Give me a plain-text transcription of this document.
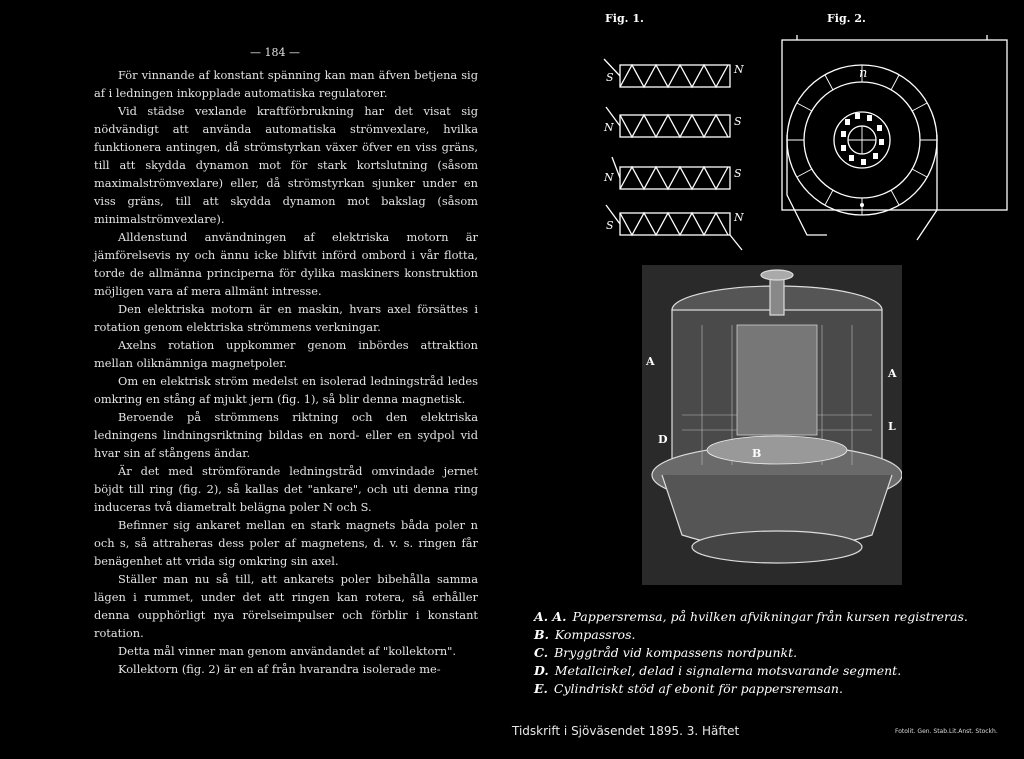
— 184 —

För vinnande af konstant spänning kan man äfven betjena sig af i ledningen inkopplade automatiska regulatorer.

Vid städse vexlande kraftförbrukning har det visat sig nödvändigt att använda automatiska strömvexlare, hvilka funktionera antingen, då strömstyrkan växer öfver en viss gräns, till att skydda dynamon mot för stark kortslutning (såsom maximalströmvexlare) eller, då strömstyrkan sjunker under en viss gräns, till att skydda dynamon mot bakslag (såsom minimalströmvexlare).

Alldenstund användningen af elektriska motorn är jämförelsevis ny och ännu icke blifvit införd ombord i vår flotta, torde de allmänna principerna för dylika maskiners konstruktion möjligen vara af mera allmänt intresse.

Den elektriska motorn är en maskin, hvars axel försättes i rotation genom elektriska strömmens verkningar.

Axelns rotation uppkommer genom inbördes attraktion mellan oliknämniga magnetpoler.

Om en elektrisk ström medelst en isolerad ledningstråd ledes omkring en stång af mjukt jern (fig. 1), så blir denna magnetisk.

Beroende på strömmens riktning och den elektriska ledningens lindningsriktning bildas en nord- eller en sydpol vid hvar sin af stångens ändar.

Är det med strömförande ledningstråd omvindade jernet böjdt till ring (fig. 2), så kallas det "ankare", och uti denna ring induceras två diametralt belägna poler N och S.

Befinner sig ankaret mellan en stark magnets båda poler n och s, så attraheras dess poler af magnetens, d. v. s. ringen får benägenhet att vrida sig omkring sin axel.

Ställer man nu så till, att ankarets poler bibehålla samma lägen i rummet, under det att ringen kan rotera, så erhåller denna oupphörligt nya rörelseimpulser och förblir i konstant rotation.

Detta mål vinner man genom användandet af "kollektorn".

Kollektorn (fig. 2) är en af från hvarandra isolerade me-

Fig. 1.	Fig. 2.
S
N
N	S
N	S
S
N
n
A
A
D
B
L
A. A. Pappersremsa, på hvilken afvikningar från kursen registreras.
B. Kompassros.
C. Bryggtråd vid kompassens nordpunkt.
D. Metallcirkel, delad i signalerna motsvarande segment.
E. Cylindriskt stöd af ebonit för pappersremsan.
Tidskrift i Sjöväsendet 1895. 3. Häftet	Fotolit. Gen. Stab.Lit.Anst. Stockh.
